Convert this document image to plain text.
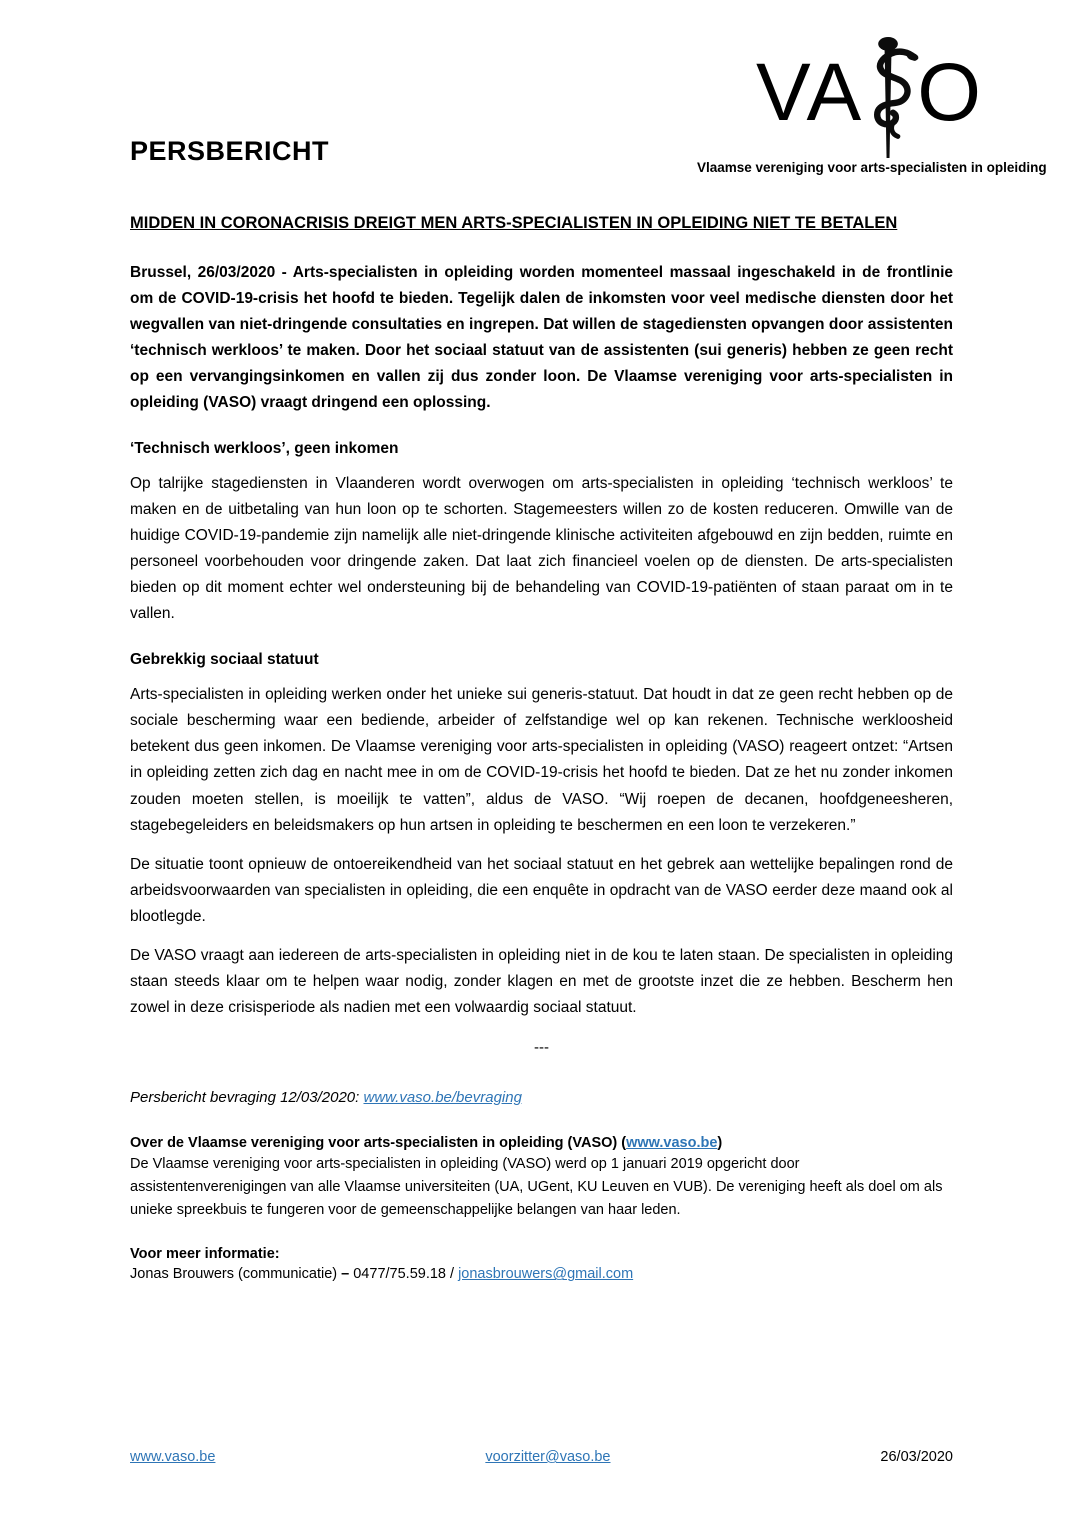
VA O
Vlaamse vereniging voor arts-specialisten in opleiding
PERSBERICHT
MIDDEN IN CORONACRISIS DREIGT MEN ARTS-SPECIALISTEN IN OPLEIDING NIET TE BETALEN

Brussel, 26/03/2020 - Arts-specialisten in opleiding worden momenteel massaal ingeschakeld in de frontlinie om de COVID-19-crisis het hoofd te bieden. Tegelijk dalen de inkomsten voor veel medische diensten door het wegvallen van niet-dringende consultaties en ingrepen. Dat willen de stagediensten opvangen door assistenten ‘technisch werkloos’ te maken. Door het sociaal statuut van de assistenten (sui generis) hebben ze geen recht op een vervangingsinkomen en vallen zij dus zonder loon. De Vlaamse vereniging voor arts-specialisten in opleiding (VASO) vraagt dringend een oplossing.

‘Technisch werkloos’, geen inkomen

Op talrijke stagediensten in Vlaanderen wordt overwogen om arts-specialisten in opleiding ‘technisch werkloos’ te maken en de uitbetaling van hun loon op te schorten. Stagemeesters willen zo de kosten reduceren. Omwille van de huidige COVID-19-pandemie zijn namelijk alle niet-dringende klinische activiteiten afgebouwd en zijn bedden, ruimte en personeel voorbehouden voor dringende zaken. Dat laat zich financieel voelen op de diensten. De arts-specialisten bieden op dit moment echter wel ondersteuning bij de behandeling van COVID-19-patiënten of staan paraat om in te vallen.

Gebrekkig sociaal statuut

Arts-specialisten in opleiding werken onder het unieke sui generis-statuut. Dat houdt in dat ze geen recht hebben op de sociale bescherming waar een bediende, arbeider of zelfstandige wel op kan rekenen. Technische werkloosheid betekent dus geen inkomen. De Vlaamse vereniging voor arts-specialisten in opleiding (VASO) reageert ontzet: “Artsen in opleiding zetten zich dag en nacht mee in om de COVID-19-crisis het hoofd te bieden. Dat ze het nu zonder inkomen zouden moeten stellen, is moeilijk te vatten”, aldus de VASO. “Wij roepen de decanen, hoofdgeneesheren, stagebegeleiders en beleidsmakers op hun artsen in opleiding te beschermen en een loon te verzekeren.”

De situatie toont opnieuw de ontoereikendheid van het sociaal statuut en het gebrek aan wettelijke bepalingen rond de arbeidsvoorwaarden van specialisten in opleiding, die een enquête in opdracht van de VASO eerder deze maand ook al blootlegde.

De VASO vraagt aan iedereen de arts-specialisten in opleiding niet in de kou te laten staan. De specialisten in opleiding staan steeds klaar om te helpen waar nodig, zonder klagen en met de grootste inzet die ze hebben. Bescherm hen zowel in deze crisisperiode als nadien met een volwaardig sociaal statuut.

---

Persbericht bevraging 12/03/2020: www.vaso.be/bevraging

Over de Vlaamse vereniging voor arts-specialisten in opleiding (VASO) (www.vaso.be)

De Vlaamse vereniging voor arts-specialisten in opleiding (VASO) werd op 1 januari 2019 opgericht door assistentenverenigingen van alle Vlaamse universiteiten (UA, UGent, KU Leuven en VUB). De vereniging heeft als doel om als unieke spreekbuis te fungeren voor de gemeenschappelijke belangen van haar leden.

Voor meer informatie:

Jonas Brouwers (communicatie) – 0477/75.59.18 / jonasbrouwers@gmail.com

www.vaso.be	voorzitter@vaso.be	26/03/2020
